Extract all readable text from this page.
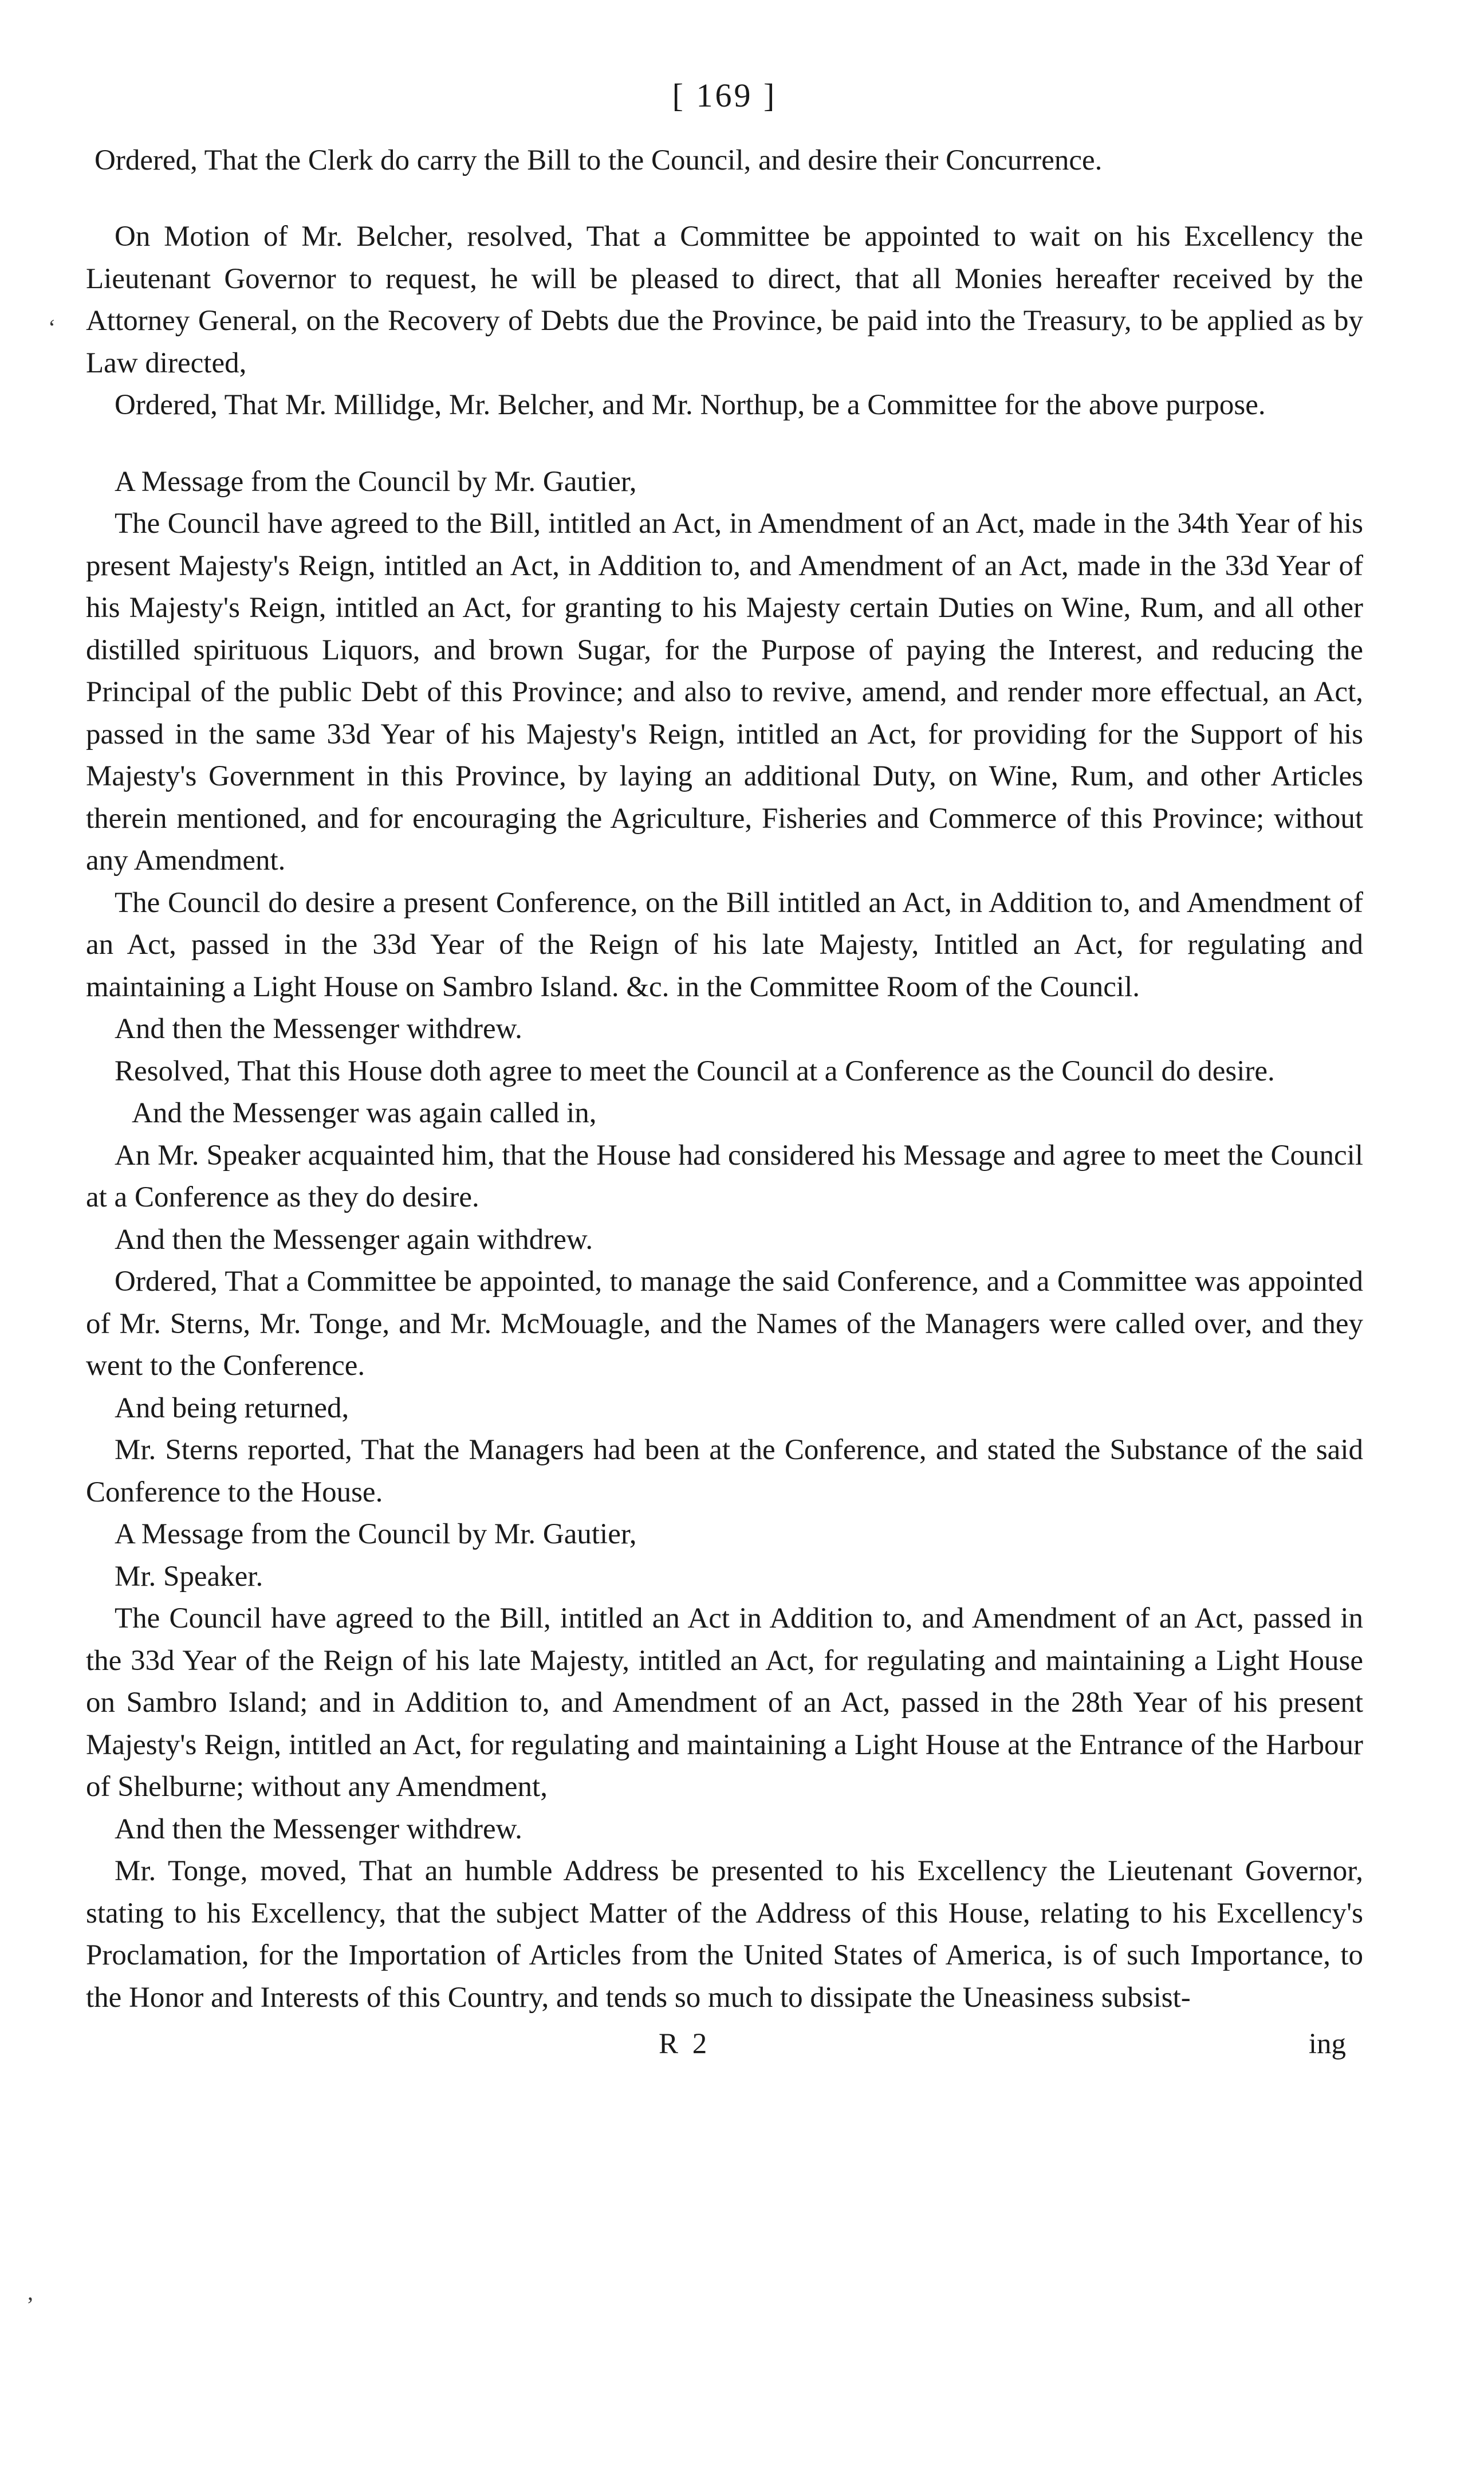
[ 169 ]

Ordered, That the Clerk do carry the Bill to the Council, and desire their Concurrence.

On Motion of Mr. Belcher, resolved, That a Committee be appointed to wait on his Excellency the Lieutenant Governor to request, he will be pleased to direct, that all Monies hereafter received by the Attorney General, on the Recovery of Debts due the Province, be paid into the Treasury, to be applied as by Law directed,

Ordered, That Mr. Millidge, Mr. Belcher, and Mr. Northup, be a Committee for the above purpose.

A Message from the Council by Mr. Gautier,

The Council have agreed to the Bill, intitled an Act, in Amendment of an Act, made in the 34th Year of his present Majesty's Reign, intitled an Act, in Addition to, and Amendment of an Act, made in the 33d Year of his Majesty's Reign, intitled an Act, for granting to his Majesty certain Duties on Wine, Rum, and all other distilled spirituous Liquors, and brown Sugar, for the Purpose of paying the Interest, and reducing the Principal of the public Debt of this Province; and also to revive, amend, and render more effectual, an Act, passed in the same 33d Year of his Majesty's Reign, intitled an Act, for providing for the Support of his Majesty's Government in this Province, by laying an additional Duty, on Wine, Rum, and other Articles therein mentioned, and for encouraging the Agriculture, Fisheries and Commerce of this Province; without any Amendment.

The Council do desire a present Conference, on the Bill intitled an Act, in Addition to, and Amendment of an Act, passed in the 33d Year of the Reign of his late Majesty, Intitled an Act, for regulating and maintaining a Light House on Sambro Island. &c. in the Committee Room of the Council.

And then the Messenger withdrew.

Resolved, That this House doth agree to meet the Council at a Conference as the Council do desire.

And the Messenger was again called in,

An Mr. Speaker acquainted him, that the House had considered his Message and agree to meet the Council at a Conference as they do desire.

And then the Messenger again withdrew.

Ordered, That a Committee be appointed, to manage the said Conference, and a Committee was appointed of Mr. Sterns, Mr. Tonge, and Mr. McMouagle, and the Names of the Managers were called over, and they went to the Conference.

And being returned,

Mr. Sterns reported, That the Managers had been at the Conference, and stated the Substance of the said Conference to the House.

A Message from the Council by Mr. Gautier,

Mr. Speaker.

The Council have agreed to the Bill, intitled an Act in Addition to, and Amendment of an Act, passed in the 33d Year of the Reign of his late Majesty, intitled an Act, for regulating and maintaining a Light House on Sambro Island; and in Addition to, and Amendment of an Act, passed in the 28th Year of his present Majesty's Reign, intitled an Act, for regulating and maintaining a Light House at the Entrance of the Harbour of Shelburne; without any Amendment,

And then the Messenger withdrew.

Mr. Tonge, moved, That an humble Address be presented to his Excellency the Lieutenant Governor, stating to his Excellency, that the subject Matter of the Address of this House, relating to his Excellency's Proclamation, for the Importation of Articles from the United States of America, is of such Importance, to the Honor and Interests of this Country, and tends so much to dissipate the Uneasiness subsist-

R 2	ing
‘
’
